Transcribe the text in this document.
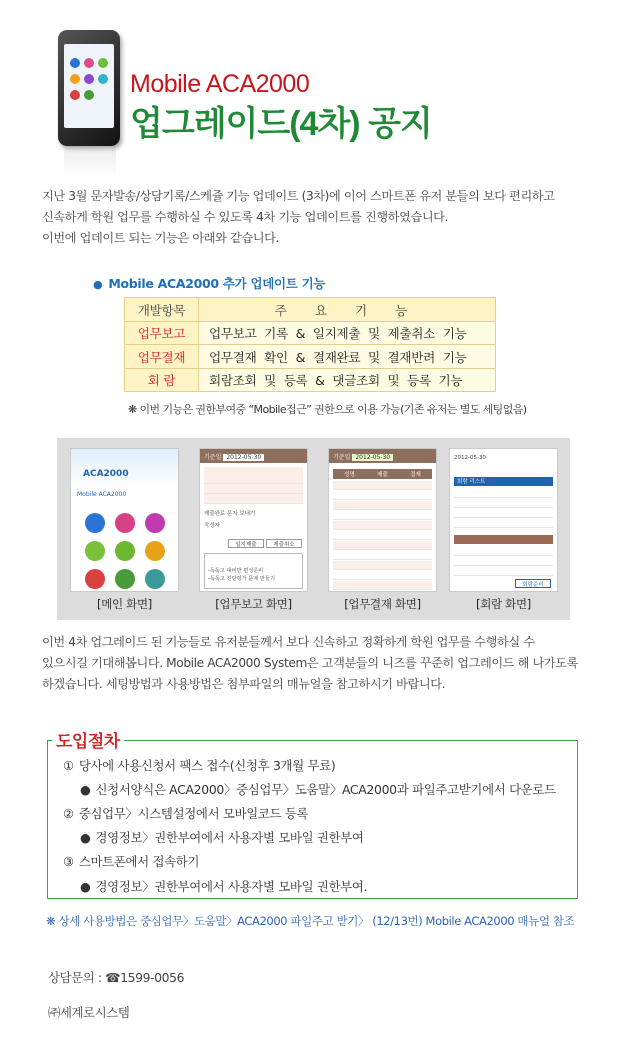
Mobile ACA2000
업그레이드(4차) 공지
지난 3월 문자발송/상담기록/스케쥴 기능 업데이트 (3차)에 이어 스마트폰 유저 분들의 보다 편리하고
신속하게 학원 업무를 수행하실 수 있도록 4차 기능 업데이트를 진행하였습니다.
이번에 업데이트 되는 기능은 아래와 같습니다.
● Mobile ACA2000 추가 업데이트 기능
개발항목	주 요 기 능
업무보고	업무보고 기록 & 일지제출 및 제출취소 기능
업무결재	업무결재 확인 & 결재완료 및 결재반려 기능
회 람	회람조회 및 등록 & 댓글조회 및 등록 기능
❋ 이번 기능은 권한부여중 “Mobile접근” 권한으로 이용 가능(기존 유저는 별도 세팅없음)
ACA2000
Mobile ACA2000
[메인 화면]
기준일 2012-05-30
제출완료 문자 보내기
작성자
일지제출	제출취소
-독독고 대비반 편성준비
-독독고 진단평가 문제 만들기
[업무보고 화면]
기준일 2012-05-30
성명	제출	결재
[업무결재 화면]
2012-05-30
회람 리스트
회람준비
[회람 화면]
이번 4차 업그레이드 된 기능들로 유저분들께서 보다 신속하고 정확하게 학원 업무를 수행하실 수
있으시길 기대해봅니다. Mobile ACA2000 System은 고객분들의 니즈를 꾸준히 업그레이드 해 나가도록
하겠습니다. 세팅방법과 사용방법은 첨부파일의 매뉴얼을 참고하시기 바랍니다.
도입절차
① 당사에 사용신청서 팩스 접수(신청후 3개월 무료)
● 신청서양식은 ACA2000〉중심업무〉도움말〉ACA2000과 파일주고받기에서 다운로드
② 중심업무〉시스템설정에서 모바일코드 등록
● 경영정보〉권한부여에서 사용자별 모바일 권한부여
③ 스마트폰에서 접속하기
● 경영정보〉권한부여에서 사용자별 모바일 권한부여.
❋ 상세 사용방법은 중심업무〉도움말〉ACA2000 파일주고 받기〉 (12/13번) Mobile ACA2000 매뉴얼 참조
상담문의 : ☎1599-0056
㈜세계로시스템
